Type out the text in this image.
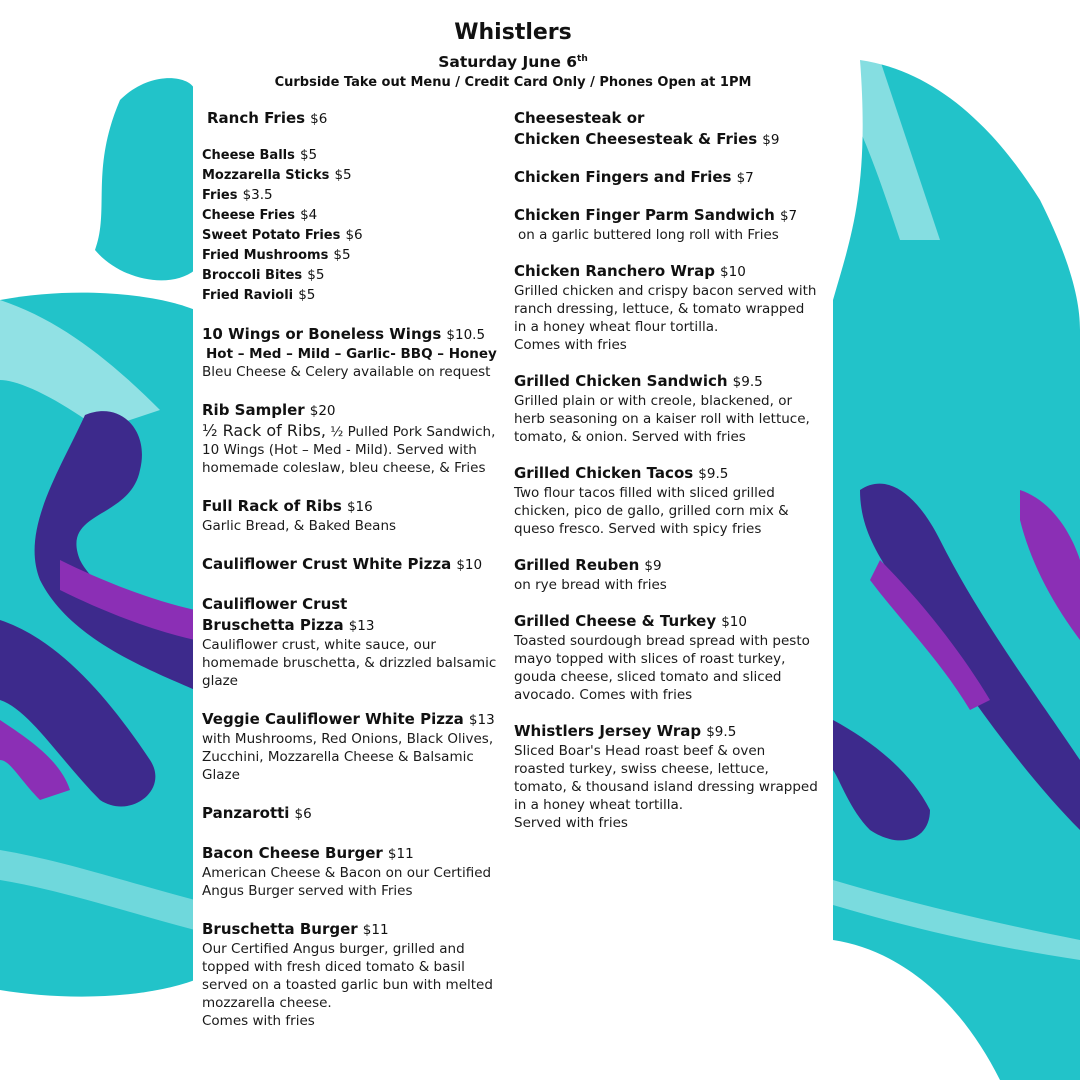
Whistlers
Saturday June 6th
Curbside Take out Menu / Credit Card Only / Phones Open at 1PM
Ranch Fries $6
Cheese Balls $5
Mozzarella Sticks $5
Fries $3.5
Cheese Fries $4
Sweet Potato Fries $6
Fried Mushrooms $5
Broccoli Bites $5
Fried Ravioli $5
10 Wings or Boneless Wings $10.5
Hot – Med – Mild – Garlic- BBQ – Honey
Bleu Cheese & Celery available on request
Rib Sampler $20
½ Rack of Ribs, ½ Pulled Pork Sandwich, 10 Wings (Hot – Med - Mild). Served with homemade coleslaw, bleu cheese, & Fries
Full Rack of Ribs $16
Garlic Bread, & Baked Beans
Cauliflower Crust White Pizza $10
Cauliflower Crust
Bruschetta Pizza $13
Cauliflower crust, white sauce, our homemade bruschetta, & drizzled balsamic glaze
Veggie Cauliflower White Pizza $13
with Mushrooms, Red Onions, Black Olives, Zucchini, Mozzarella Cheese & Balsamic Glaze
Panzarotti $6
Bacon Cheese Burger $11
American Cheese & Bacon on our Certified Angus Burger served with Fries
Bruschetta Burger $11
Our Certified Angus burger, grilled and topped with fresh diced tomato & basil served on a toasted garlic bun with melted mozzarella cheese.
Comes with fries
Cheesesteak or
Chicken Cheesesteak & Fries $9
Chicken Fingers and Fries $7
Chicken Finger Parm Sandwich $7
on a garlic buttered long roll with Fries
Chicken Ranchero Wrap $10
Grilled chicken and crispy bacon served with ranch dressing, lettuce, & tomato wrapped in a honey wheat flour tortilla.
Comes with fries
Grilled Chicken Sandwich $9.5
Grilled plain or with creole, blackened, or herb seasoning on a kaiser roll with lettuce, tomato, & onion. Served with fries
Grilled Chicken Tacos $9.5
Two flour tacos filled with sliced grilled chicken, pico de gallo, grilled corn mix & queso fresco. Served with spicy fries
Grilled Reuben $9
on rye bread with fries
Grilled Cheese & Turkey $10
Toasted sourdough bread spread with pesto mayo topped with slices of roast turkey, gouda cheese, sliced tomato and sliced avocado. Comes with fries
Whistlers Jersey Wrap $9.5
Sliced Boar's Head roast beef & oven roasted turkey, swiss cheese, lettuce, tomato, & thousand island dressing wrapped in a honey wheat tortilla.
Served with fries
